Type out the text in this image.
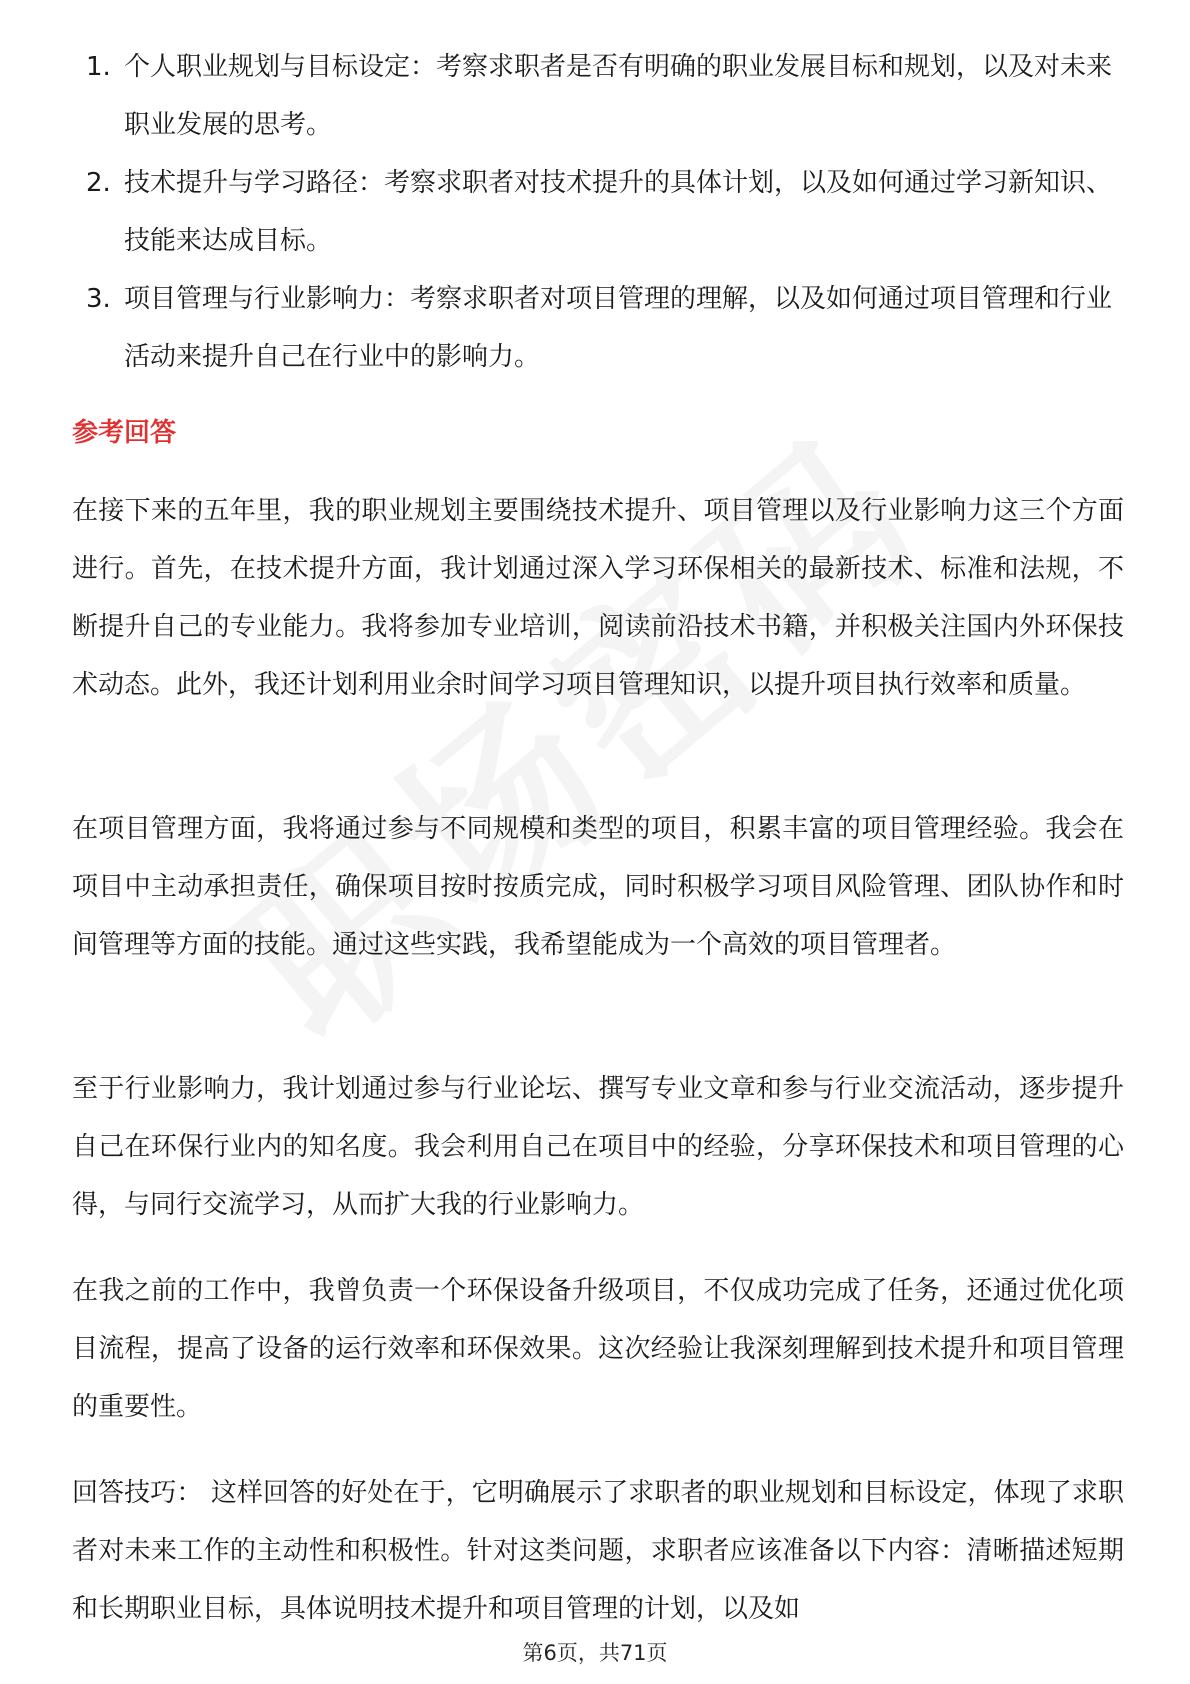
1. 个人职业规划与目标设定：考察求职者是否有明确的职业发展目标和规划，以及对未来职业发展的思考。
2. 技术提升与学习路径：考察求职者对技术提升的具体计划，以及如何通过学习新知识、技能来达成目标。
3. 项目管理与行业影响力：考察求职者对项目管理的理解，以及如何通过项目管理和行业活动来提升自己在行业中的影响力。
参考回答

在接下来的五年里，我的职业规划主要围绕技术提升、项目管理以及行业影响力这三个方面进行。首先，在技术提升方面，我计划通过深入学习环保相关的最新技术、标准和法规，不断提升自己的专业能力。我将参加专业培训，阅读前沿技术书籍，并积极关注国内外环保技术动态。此外，我还计划利用业余时间学习项目管理知识，以提升项目执行效率和质量。

在项目管理方面，我将通过参与不同规模和类型的项目，积累丰富的项目管理经验。我会在项目中主动承担责任，确保项目按时按质完成，同时积极学习项目风险管理、团队协作和时间管理等方面的技能。通过这些实践，我希望能成为一个高效的项目管理者。

至于行业影响力，我计划通过参与行业论坛、撰写专业文章和参与行业交流活动，逐步提升自己在环保行业内的知名度。我会利用自己在项目中的经验，分享环保技术和项目管理的心得，与同行交流学习，从而扩大我的行业影响力。

在我之前的工作中，我曾负责一个环保设备升级项目，不仅成功完成了任务，还通过优化项目流程，提高了设备的运行效率和环保效果。这次经验让我深刻理解到技术提升和项目管理的重要性。

回答技巧： 这样回答的好处在于，它明确展示了求职者的职业规划和目标设定，体现了求职者对未来工作的主动性和积极性。针对这类问题，求职者应该准备以下内容：清晰描述短期和长期职业目标，具体说明技术提升和项目管理的计划，以及如

第6页，共71页
